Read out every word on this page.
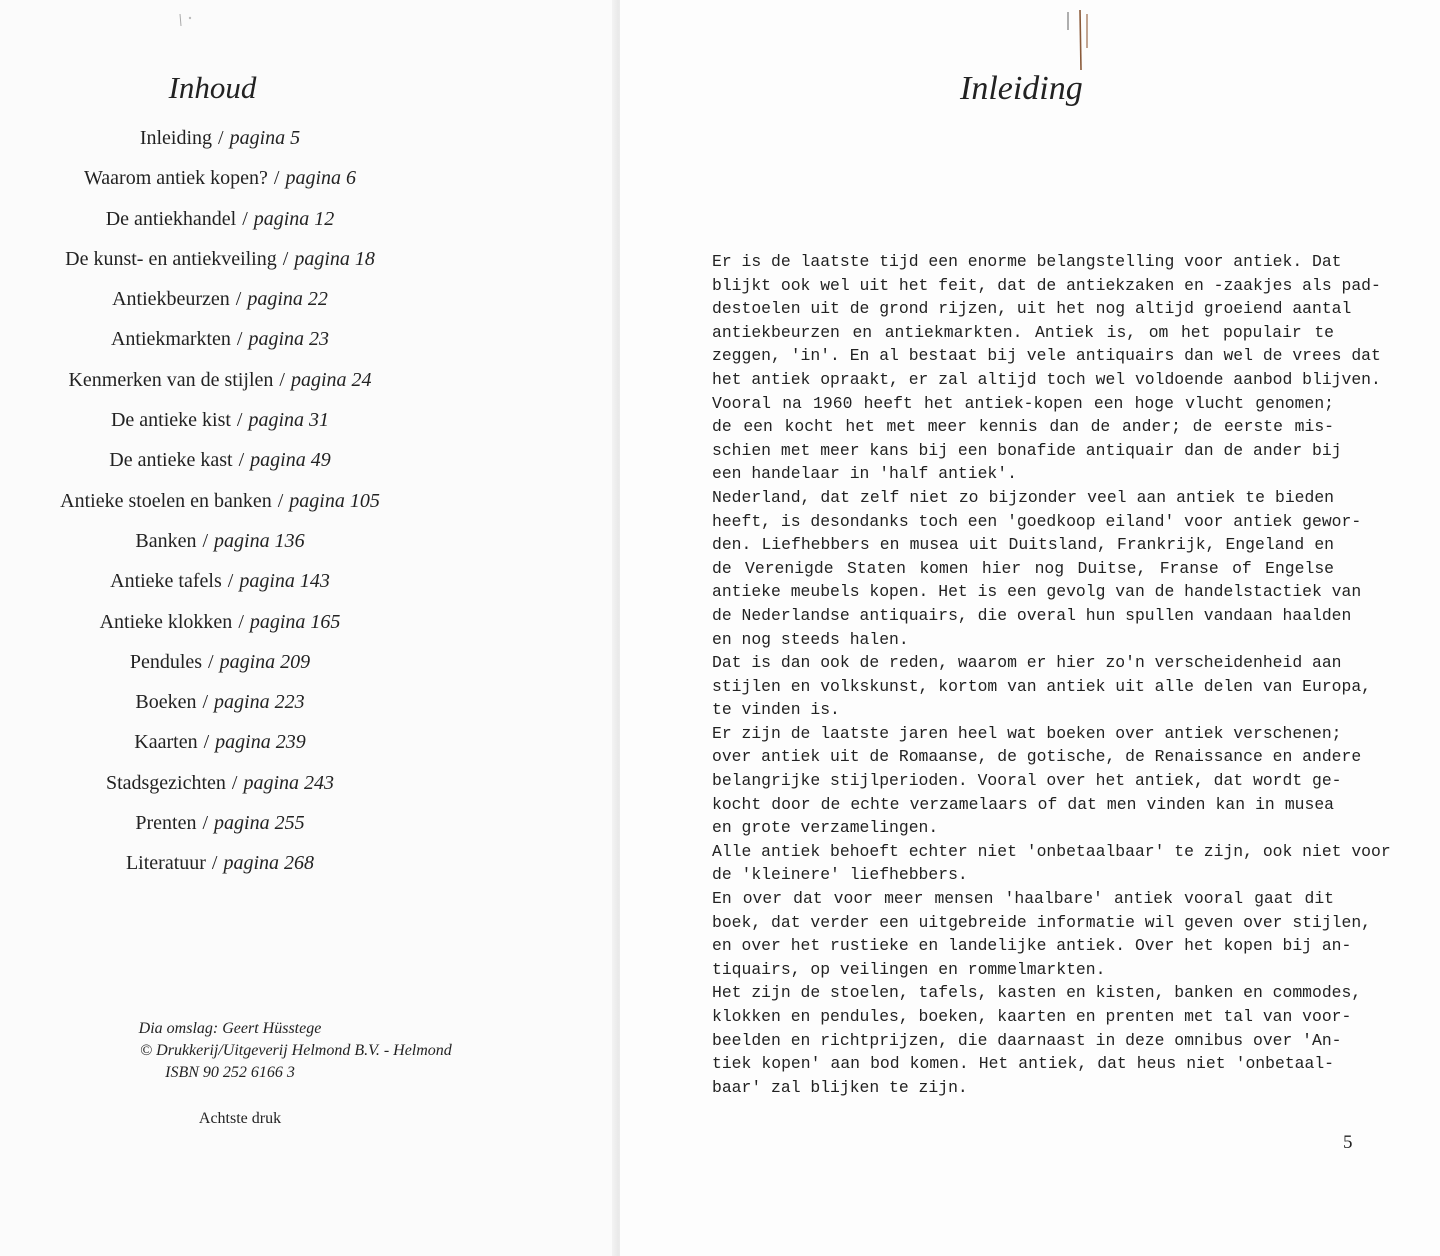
Inhoud
Inleiding / pagina 5
Waarom antiek kopen? / pagina 6
De antiekhandel / pagina 12
De kunst- en antiekveiling / pagina 18
Antiekbeurzen / pagina 22
Antiekmarkten / pagina 23
Kenmerken van de stijlen / pagina 24
De antieke kist / pagina 31
De antieke kast / pagina 49
Antieke stoelen en banken / pagina 105
Banken / pagina 136
Antieke tafels / pagina 143
Antieke klokken / pagina 165
Pendules / pagina 209
Boeken / pagina 223
Kaarten / pagina 239
Stadsgezichten / pagina 243
Prenten / pagina 255
Literatuur / pagina 268
Dia omslag: Geert Hüsstege
© Drukkerij/Uitgeverij Helmond B.V. - Helmond
ISBN 90 252 6166 3
Achtste druk
Inleiding
Er is de laatste tijd een enorme belangstelling voor antiek. Dat
blijkt ook wel uit het feit, dat de antiekzaken en -zaakjes als pad-
destoelen uit de grond rijzen, uit het nog altijd groeiend aantal
antiekbeurzen en antiekmarkten. Antiek is, om het populair te
zeggen, 'in'. En al bestaat bij vele antiquairs dan wel de vrees dat
het antiek opraakt, er zal altijd toch wel voldoende aanbod blijven.
Vooral na 1960 heeft het antiek-kopen een hoge vlucht genomen;
de een kocht het met meer kennis dan de ander; de eerste mis-
schien met meer kans bij een bonafide antiquair dan de ander bij
een handelaar in 'half antiek'.
Nederland, dat zelf niet zo bijzonder veel aan antiek te bieden
heeft, is desondanks toch een 'goedkoop eiland' voor antiek gewor-
den. Liefhebbers en musea uit Duitsland, Frankrijk, Engeland en
de Verenigde Staten komen hier nog Duitse, Franse of Engelse
antieke meubels kopen. Het is een gevolg van de handelstactiek van
de Nederlandse antiquairs, die overal hun spullen vandaan haalden
en nog steeds halen.
Dat is dan ook de reden, waarom er hier zo'n verscheidenheid aan
stijlen en volkskunst, kortom van antiek uit alle delen van Europa,
te vinden is.
Er zijn de laatste jaren heel wat boeken over antiek verschenen;
over antiek uit de Romaanse, de gotische, de Renaissance en andere
belangrijke stijlperioden. Vooral over het antiek, dat wordt ge-
kocht door de echte verzamelaars of dat men vinden kan in musea
en grote verzamelingen.
Alle antiek behoeft echter niet 'onbetaalbaar' te zijn, ook niet voor
de 'kleinere' liefhebbers.
En over dat voor meer mensen 'haalbare' antiek vooral gaat dit
boek, dat verder een uitgebreide informatie wil geven over stijlen,
en over het rustieke en landelijke antiek. Over het kopen bij an-
tiquairs, op veilingen en rommelmarkten.
Het zijn de stoelen, tafels, kasten en kisten, banken en commodes,
klokken en pendules, boeken, kaarten en prenten met tal van voor-
beelden en richtprijzen, die daarnaast in deze omnibus over 'An-
tiek kopen' aan bod komen. Het antiek, dat heus niet 'onbetaal-
baar' zal blijken te zijn.
5
